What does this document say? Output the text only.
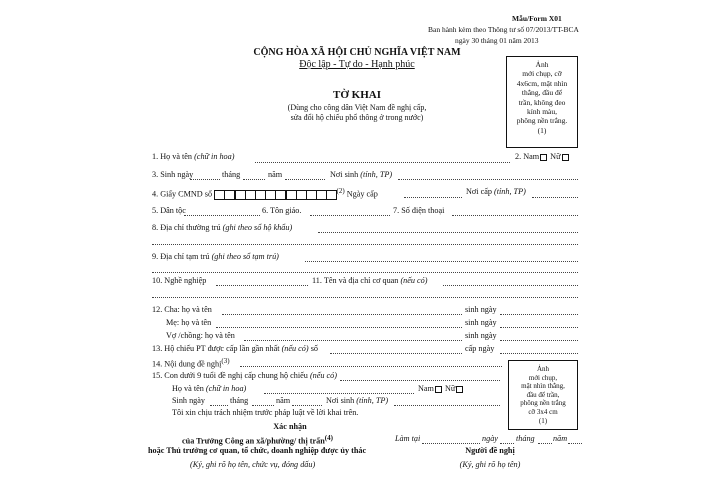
Mẫu/Form X01
Ban hành kèm theo Thông tư số 07/2013/TT-BCA
ngày 30 tháng 01 năm 2013
CỘNG HÒA XÃ HỘI CHỦ NGHĨA VIỆT NAM
Độc lập - Tự do - Hạnh phúc
TỜ KHAI
(Dùng cho công dân Việt Nam đề nghị cấp,
sửa đổi hộ chiếu phổ thông ở trong nước)
Ảnh
mới chụp, cỡ
4x6cm, mặt nhìn
thẳng, đầu để
trần, không đeo
kính màu,
phông nền trắng.
(1)
1. Họ và tên (chữ in hoa)	2. Nam Nữ
3. Sinh ngày	tháng	năm	Nơi sinh (tỉnh, TP)
4. Giấy CMND số	$^{(2)}$ Ngày cấp	Nơi cấp (tỉnh, TP)
5. Dân tộc	6. Tôn giáo.	7. Số điện thoại
8. Địa chỉ thường trú (ghi theo sổ hộ khẩu)
9. Địa chỉ tạm trú (ghi theo sổ tạm trú)
10. Nghề nghiệp	11. Tên và địa chỉ cơ quan (nếu có)
12. Cha: họ và tên	sinh ngày
Mẹ: họ và tên	sinh ngày
Vợ /chồng: họ và tên	sinh ngày
13. Hộ chiếu PT được cấp lần gần nhất (nếu có) số	cấp ngày
14. Nội dung đề nghị$^{(3)}$
15. Con dưới 9 tuổi đề nghị cấp chung hộ chiếu (nếu có)
Họ và tên (chữ in hoa)	Nam Nữ
Sinh ngày	tháng	năm	Nơi sinh (tỉnh, TP)
Tôi xin chịu trách nhiệm trước pháp luật về lời khai trên.
Ảnh
mới chụp,
mặt nhìn thẳng,
đầu để trần,
phông nền trắng
cỡ 3x4 cm
(1)
Xác nhận
của Trưởng Công an xã/phường/ thị trấn$^{(4)}$
hoặc Thủ trưởng cơ quan, tổ chức, doanh nghiệp được ủy thác
(Ký, ghi rõ họ tên, chức vụ, đóng dấu)
Làm tại	ngày tháng năm
Người đề nghị
(Ký, ghi rõ họ tên)
